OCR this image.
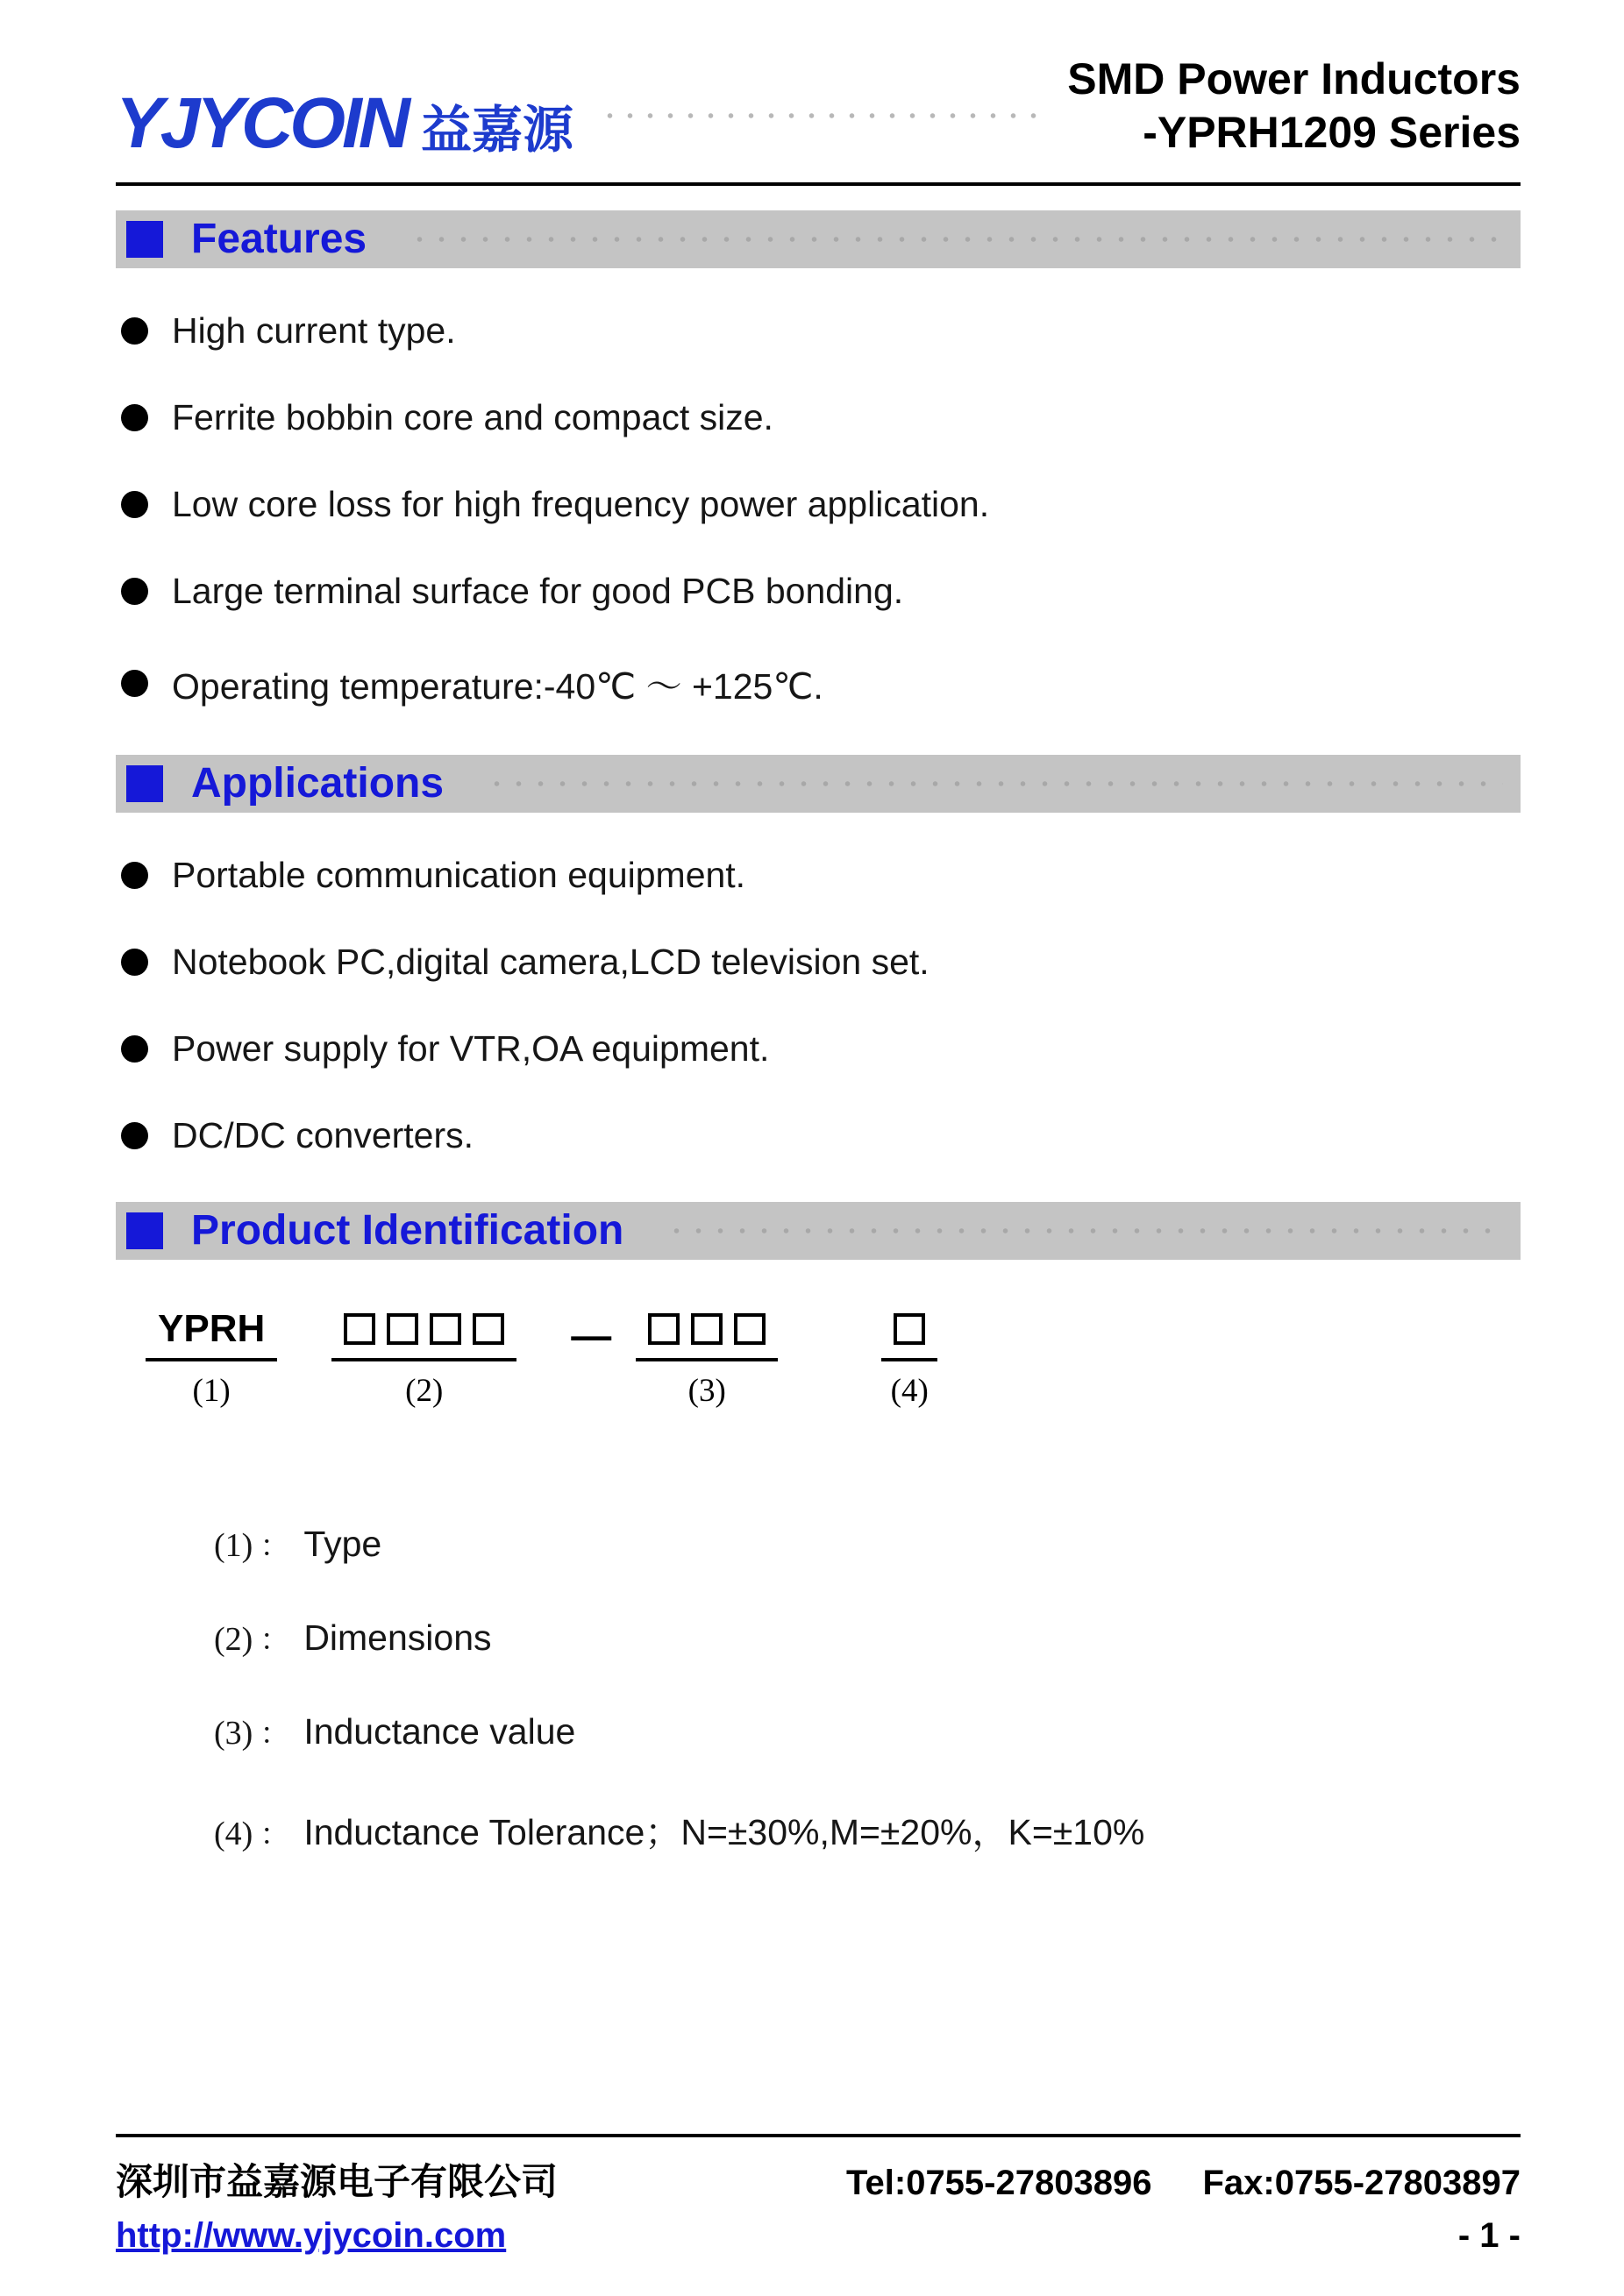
YJYCOIN 益嘉源
SMD Power Inductors
-YPRH1209 Series
Features
High current type.
Ferrite bobbin core and compact size.
Low core loss for high frequency power application.
Large terminal surface for good PCB bonding.
Operating temperature:-40℃ ～ +125℃.
Applications
Portable communication equipment.
Notebook PC,digital camera,LCD television set.
Power supply for VTR,OA equipment.
DC/DC converters.
Product Identification
YPRH
(1)	(2)
—
(3)	(4)
(1) ： Type
(2) ： Dimensions
(3) ： Inductance value
(4) ： Inductance Tolerance；N=±30%,M=±20%，K=±10%
深圳市益嘉源电子有限公司	Tel:0755-27803896 Fax:0755-27803897
http://www.yjycoin.com	- 1 -
